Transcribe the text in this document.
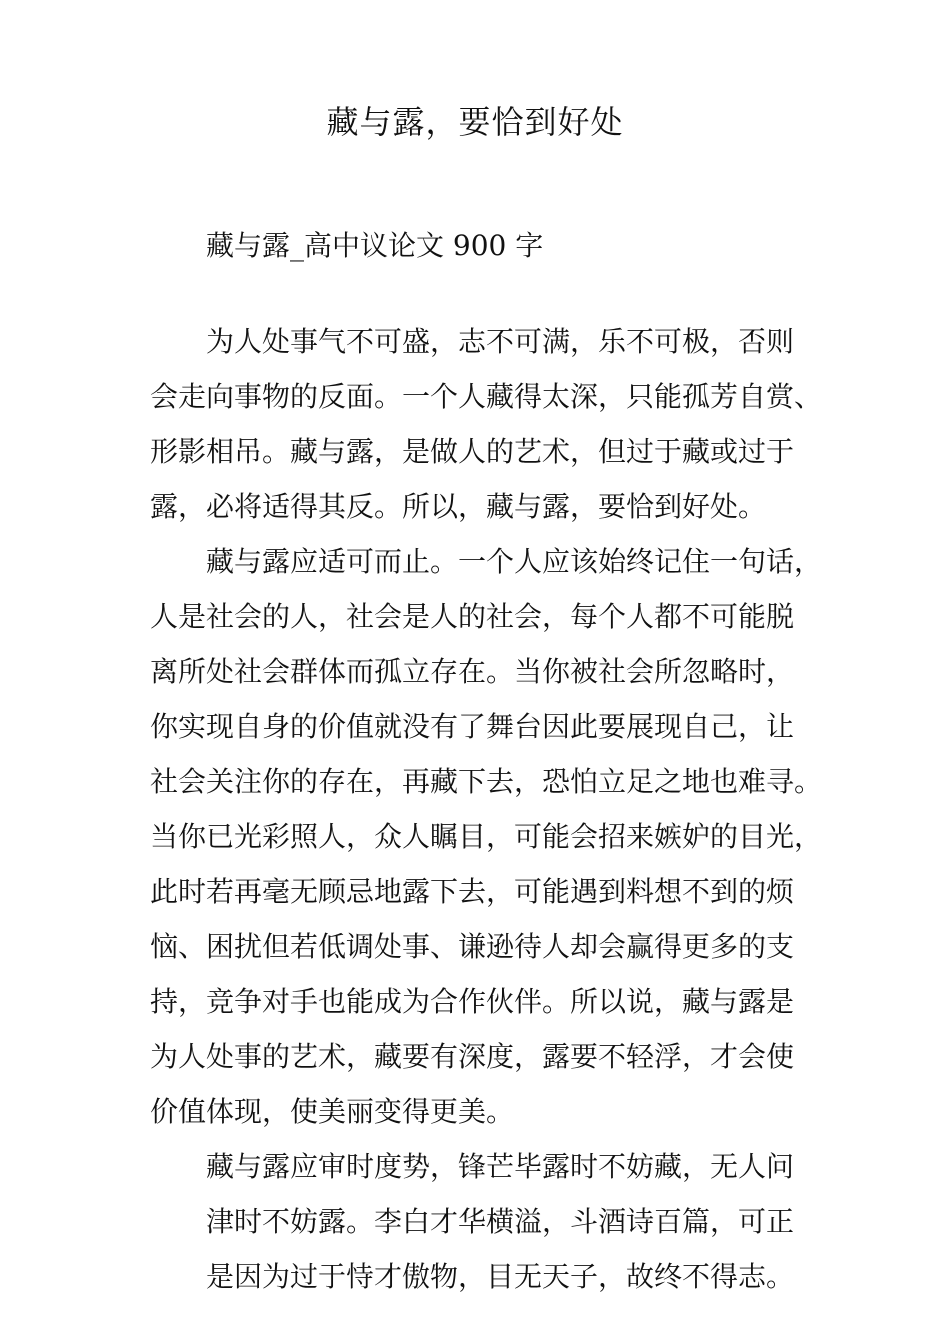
藏与露，要恰到好处
藏与露_高中议论文 900 字
为人处事气不可盛，志不可满，乐不可极，否则
会走向事物的反面。一个人藏得太深，只能孤芳自赏、
形影相吊。藏与露，是做人的艺术，但过于藏或过于
露，必将适得其反。所以，藏与露，要恰到好处。
藏与露应适可而止。一个人应该始终记住一句话，
人是社会的人，社会是人的社会，每个人都不可能脱
离所处社会群体而孤立存在。当你被社会所忽略时，
你实现自身的价值就没有了舞台因此要展现自己，让
社会关注你的存在，再藏下去，恐怕立足之地也难寻。
当你已光彩照人，众人瞩目，可能会招来嫉妒的目光，
此时若再毫无顾忌地露下去，可能遇到料想不到的烦
恼、困扰但若低调处事、谦逊待人却会赢得更多的支
持，竞争对手也能成为合作伙伴。所以说，藏与露是
为人处事的艺术，藏要有深度，露要不轻浮，才会使
价值体现，使美丽变得更美。
藏与露应审时度势，锋芒毕露时不妨藏，无人问
津时不妨露。李白才华横溢，斗酒诗百篇，可正
是因为过于恃才傲物，目无天子，故终不得志。
